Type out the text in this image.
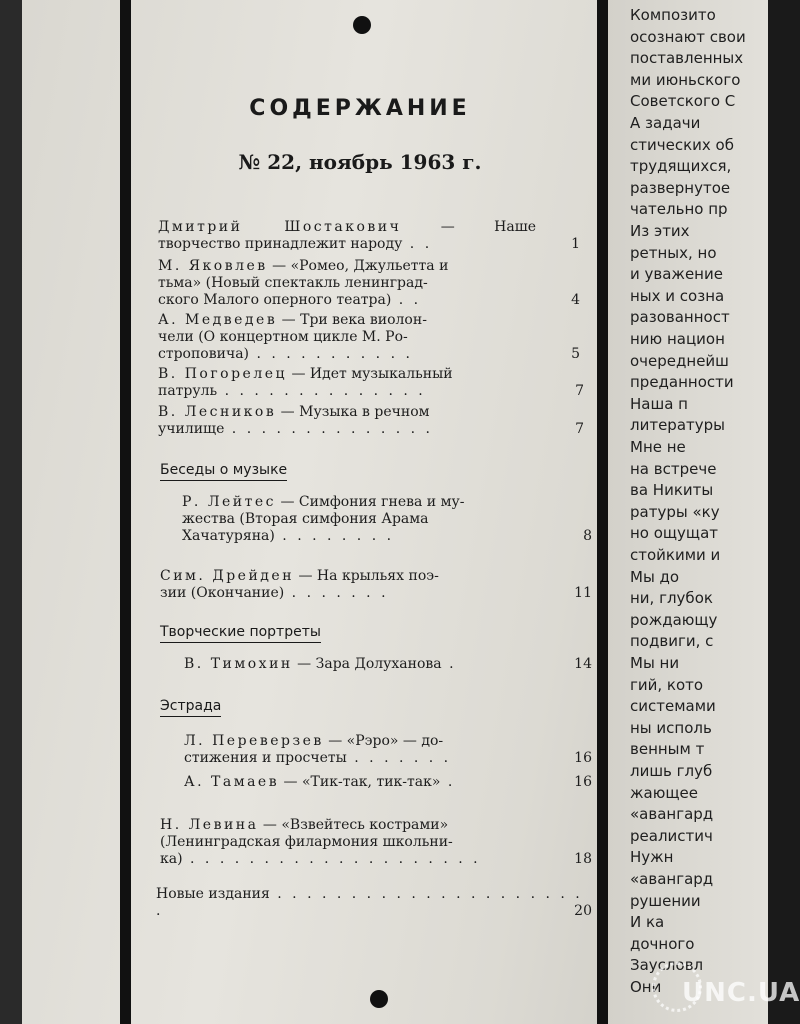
СОДЕРЖАНИЕ
№ 22, ноябрь 1963 г.
Дмитрий Шостакович — Наше
творчество принадлежит народу . .	1
М. Яковлев — «Ромео, Джульетта и
тьма» (Новый спектакль ленинград-
ского Малого оперного театра) . .	4
А. Медведев — Три века виолон-
чели (О концертном цикле М. Ро-
строповича) . . . . . . . . . . .	5
В. Погорелец — Идет музыкальный
патруль . . . . . . . . . . . . . .	7
В. Лесников — Музыка в речном
училище . . . . . . . . . . . . . .	7
Беседы о музыке
Р. Лейтес — Симфония гнева и му-
жества (Вторая симфония Арама
Хачатуряна) . . . . . . . .	8
Сим. Дрейден — На крыльях поэ-
зии (Окончание) . . . . . . .	11
Творческие портреты
В. Тимохин — Зара Долуханова .	14
Эстрада
Л. Переверзев — «Рэро» — до-
стижения и просчеты . . . . . . .	16
А. Тамаев — «Тик-так, тик-так» .	16
Н. Левина — «Взвейтесь кострами»
(Ленинградская филармония школьни-
ка) . . . . . . . . . . . . . . . . . . . .	18
Новые издания . . . . . . . . . . . . . . . . . . . . . .	20
Композито
осознают свои
поставленных
ми июньского
Советского С
А задачи
стических об
трудящихся,
развернутое
чательно пр
Из этих
ретных, но
и уважение
ных и созна
разованност
нию национ
очереднейш
преданности
Наша п
литературы
Мне не
на встрече
ва Никиты
ратуры «ку
но ощущат
стойкими и
Мы до
ни, глубок
рождающу
подвиги, с
Мы ни
гий, кото
системами
ны исполь
венным т
лишь глуб
жающее
«авангард
реалистич
Нужн
«авангард
рушении
И ка
дочного
Заусловл
Они UNC.UA
